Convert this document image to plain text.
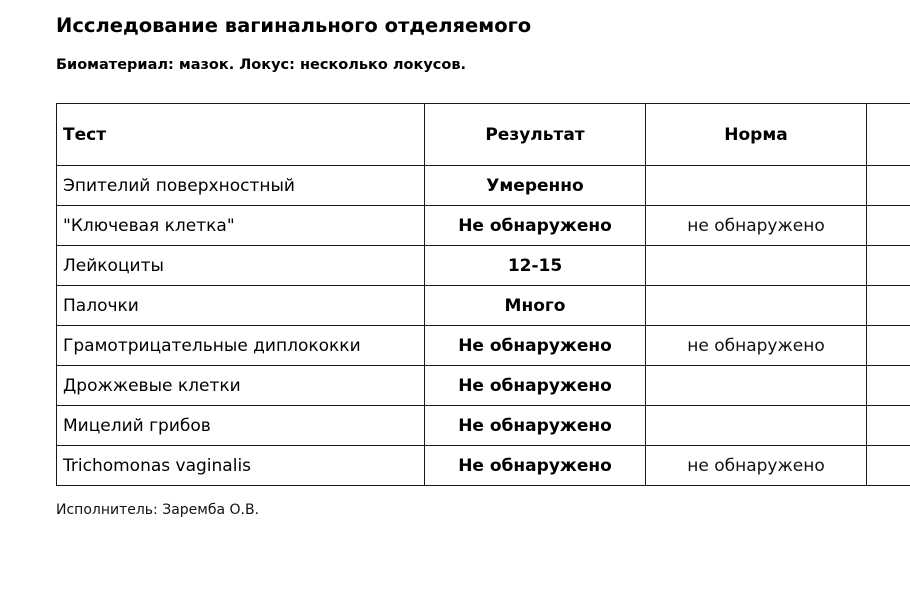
Исследование вагинального отделяемого

Биоматериал: мазок. Локус: несколько локусов.

Тест	Результат	Норма	
Эпителий поверхностный	Умеренно		
"Ключевая клетка"	Не обнаружено	не обнаружено	
Лейкоциты	12-15		
Палочки	Много		
Грамотрицательные диплококки	Не обнаружено	не обнаружено	
Дрожжевые клетки	Не обнаружено		
Мицелий грибов	Не обнаружено		
Trichomonas vaginalis	Не обнаружено	не обнаружено	

Исполнитель: Зaремба О.В.
